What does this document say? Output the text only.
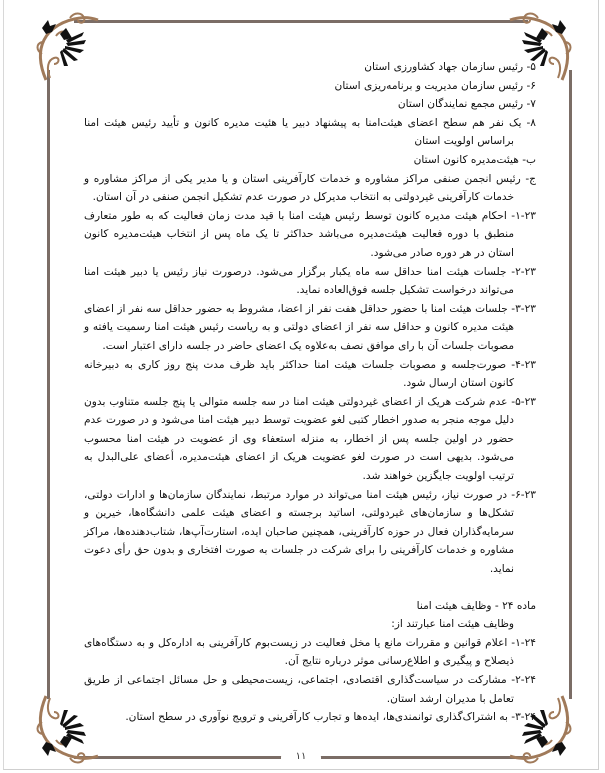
۱۱

۵- رئیس سازمان جهاد کشاورزی استان

۶- رئیس سازمان مدیریت و برنامه‌ریزی استان

۷- رئیس مجمع نمایندگان استان

۸- یک نفر هم سطح اعضای هیئت‌امنا به پیشنهاد دبیر یا هئیت مدیره کانون و تأیید رئیس هیئت امنا براساس اولویت استان

ب- هیئت‌مدیره کانون استان

ج- رئیس انجمن صنفی مراکز مشاوره و خدمات کارآفرینی استان و یا مدیر یکی از مراکز مشاوره و خدمات کارآفرینی غیردولتی به انتخاب مدیرکل در صورت عدم تشکیل انجمن صنفی در آن استان.

۱-۲۳- احکام هیئت مدیره کانون توسط رئیس هیئت امنا با قید مدت زمان فعالیت که به طور متعارف منطبق با دوره فعالیت هیئت‌مدیره می‌باشد حداکثر تا یک ماه پس از انتخاب هیئت‌مدیره کانون استان در هر دوره صادر می‌شود.

۲-۲۳- جلسات هیئت امنا حداقل سه ماه یکبار برگزار می‌شود. درصورت نیاز رئیس یا دبیر هیئت امنا می‌تواند درخواست تشکیل جلسه فوق‌العاده نماید.

۳-۲۳- جلسات هیئت امنا با حضور حداقل هفت نفر از اعضا، مشروط به حضور حداقل سه نفر از اعضای هیئت مدیره کانون و حداقل سه نفر از اعضای دولتی و به ریاست رئیس هیئت امنا رسمیت یافته و مصوبات جلسات آن با رای موافق نصف به‌علاوه یک اعضای حاضر در جلسه دارای اعتبار است.

۴-۲۳- صورت‌جلسه و مصوبات جلسات هیئت امنا حداکثر باید ظرف مدت پنج روز کاری به دبیرخانه کانون استان ارسال شود.

۵-۲۳- عدم شرکت هریک از اعضای غیردولتی هیئت امنا در سه جلسه متوالی یا پنج جلسه متناوب بدون دلیل موجه منجر به صدور اخطار کتبی لغو عضویت توسط دبیر هیئت امنا می‌شود و در صورت عدم حضور در اولین جلسه پس از اخطار، به منزله استعفاء وی از عضویت در هیئت امنا محسوب می‌شود. بدیهی است در صورت لغو عضویت هریک از اعضای هیئت‌مدیره، أعضای علی‌البدل به ترتیب اولویت جایگزین خواهند شد.

۶-۲۳- در صورت نیاز، رئیس هیئت امنا می‌تواند در موارد مرتبط، نمایندگان سازمان‌ها و ادارات دولتی، تشکل‌ها و سازمان‌های غیردولتی، اساتید برجسته و اعضای هیئت علمی دانشگاه‌ها، خیرین و سرمایه‌گذاران فعال در حوزه کارآفرینی، همچنین صاحبان ایده، استارت‌آپ‌ها، شتاب‌دهنده‌ها، مراکز مشاوره و خدمات کارآفرینی را برای شرکت در جلسات به صورت افتخاری و بدون حق رأی دعوت نماید.

ماده ۲۴ - وظایف هیئت امنا

وظایف هیئت امنا عبارتند از:

۱-۲۴- اعلام قوانین و مقررات مانع یا مخل فعالیت در زیست‌بوم کارآفرینی به اداره‌کل و به دستگاه‌های ذیصلاح و پیگیری و اطلاع‌رسانی موثر درباره نتایج آن.

۲-۲۴- مشارکت در سیاست‌گذاری اقتصادی، اجتماعی، زیست‌محیطی و حل مسائل اجتماعی از طریق تعامل با مدیران ارشد استان.

۳-۲۴- به اشتراک‌گذاری توانمندی‌ها، ایده‌ها و تجارب کارآفرینی و ترویج نوآوری در سطح استان.
